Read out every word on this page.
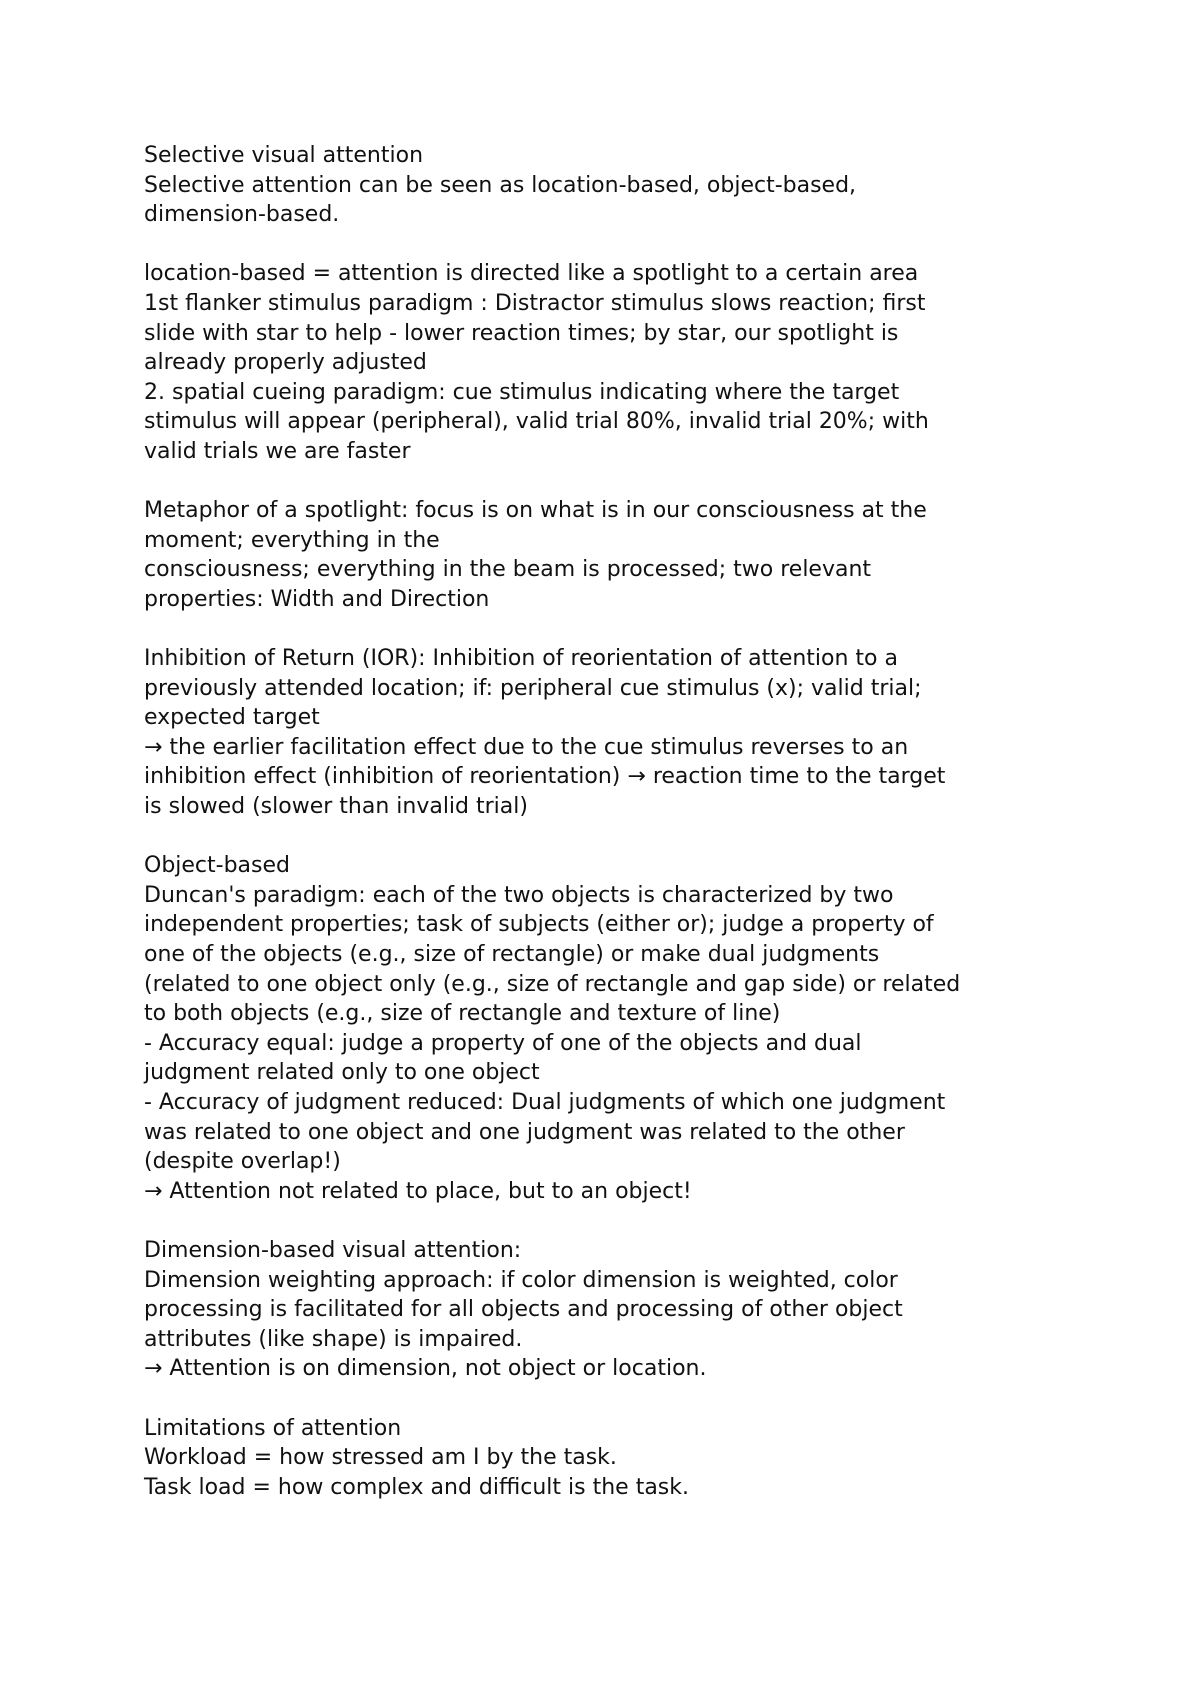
Selective visual attention
Selective attention can be seen as location-based, object-based,
dimension-based.
location-based = attention is directed like a spotlight to a certain area
1st flanker stimulus paradigm : Distractor stimulus slows reaction; first
slide with star to help - lower reaction times; by star, our spotlight is
already properly adjusted
2. spatial cueing paradigm: cue stimulus indicating where the target
stimulus will appear (peripheral), valid trial 80%, invalid trial 20%; with
valid trials we are faster
Metaphor of a spotlight: focus is on what is in our consciousness at the
moment; everything in the
consciousness; everything in the beam is processed; two relevant
properties: Width and Direction
Inhibition of Return (IOR): Inhibition of reorientation of attention to a
previously attended location; if: peripheral cue stimulus (x); valid trial;
expected target
→ the earlier facilitation effect due to the cue stimulus reverses to an
inhibition effect (inhibition of reorientation) → reaction time to the target
is slowed (slower than invalid trial)
Object-based
Duncan's paradigm: each of the two objects is characterized by two
independent properties; task of subjects (either or); judge a property of
one of the objects (e.g., size of rectangle) or make dual judgments
(related to one object only (e.g., size of rectangle and gap side) or related
to both objects (e.g., size of rectangle and texture of line)
- Accuracy equal: judge a property of one of the objects and dual
judgment related only to one object
- Accuracy of judgment reduced: Dual judgments of which one judgment
was related to one object and one judgment was related to the other
(despite overlap!)
→ Attention not related to place, but to an object!
Dimension-based visual attention:
Dimension weighting approach: if color dimension is weighted, color
processing is facilitated for all objects and processing of other object
attributes (like shape) is impaired.
→ Attention is on dimension, not object or location.
Limitations of attention
Workload = how stressed am I by the task.
Task load = how complex and difficult is the task.
